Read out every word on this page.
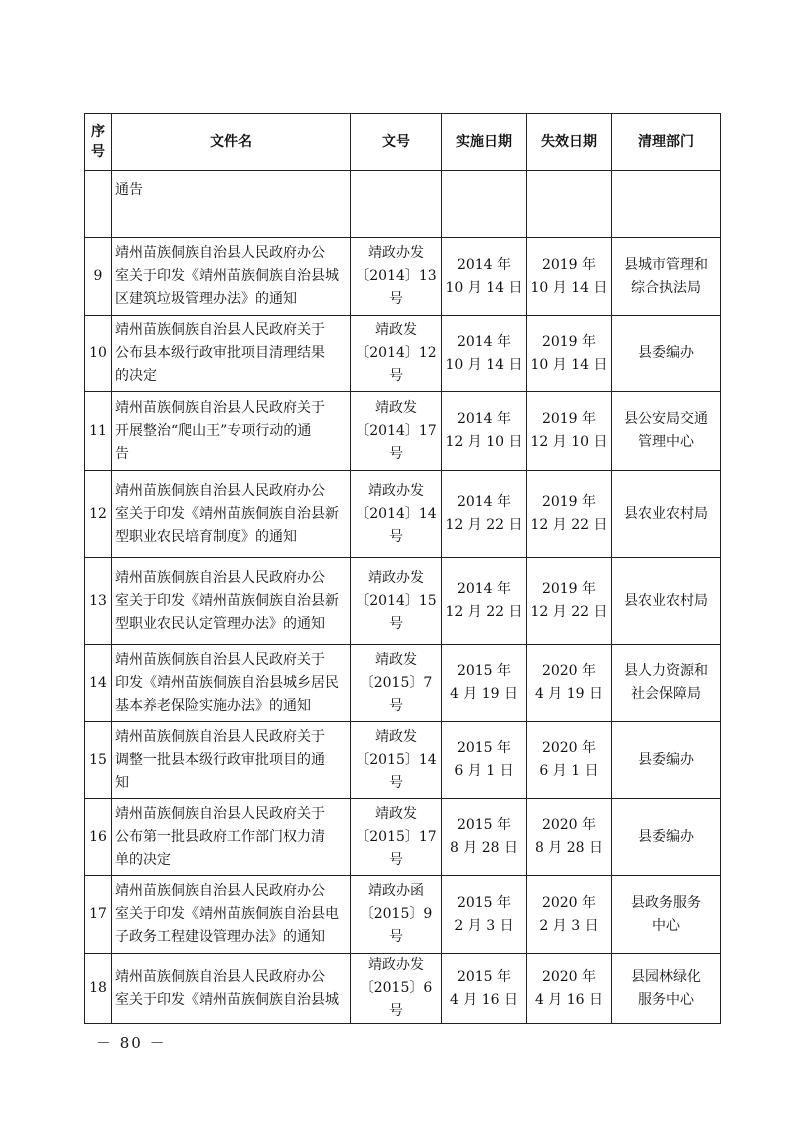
序
号	文件名	文号	实施日期	失效日期	清理部门
	通告				

9	靖州苗族侗族自治县人民政府办公
室关于印发《靖州苗族侗族自治县城
区建筑垃圾管理办法》的通知	靖政办发
〔2014〕13 号	2014 年
10 月 14 日	2019 年
10 月 14 日	县城市管理和
综合执法局

10	靖州苗族侗族自治县人民政府关于
公布县本级行政审批项目清理结果
的决定	靖政发
〔2014〕12 号	2014 年
10 月 14 日	2019 年
10 月 14 日	县委编办

11	靖州苗族侗族自治县人民政府关于
开展整治“爬山王”专项行动的通
告	靖政发
〔2014〕17 号	2014 年
12 月 10 日	2019 年
12 月 10 日	县公安局交通
管理中心

12	靖州苗族侗族自治县人民政府办公
室关于印发《靖州苗族侗族自治县新
型职业农民培育制度》的通知	靖政办发
〔2014〕14 号	2014 年
12 月 22 日	2019 年
12 月 22 日	县农业农村局

13	靖州苗族侗族自治县人民政府办公
室关于印发《靖州苗族侗族自治县新
型职业农民认定管理办法》的通知	靖政办发
〔2014〕15 号	2014 年
12 月 22 日	2019 年
12 月 22 日	县农业农村局

14	靖州苗族侗族自治县人民政府关于
印发《靖州苗族侗族自治县城乡居民
基本养老保险实施办法》的通知	靖政发
〔2015〕7 号	2015 年
4 月 19 日	2020 年
4 月 19 日	县人力资源和
社会保障局

15	靖州苗族侗族自治县人民政府关于
调整一批县本级行政审批项目的通
知	靖政发
〔2015〕14 号	2015 年
6 月 1 日	2020 年
6 月 1 日	县委编办

16	靖州苗族侗族自治县人民政府关于
公布第一批县政府工作部门权力清
单的决定	靖政发
〔2015〕17 号	2015 年
8 月 28 日	2020 年
8 月 28 日	县委编办

17	靖州苗族侗族自治县人民政府办公
室关于印发《靖州苗族侗族自治县电
子政务工程建设管理办法》的通知	靖政办函
〔2015〕9 号	2015 年
2 月 3 日	2020 年
2 月 3 日	县政务服务
中心

18	靖州苗族侗族自治县人民政府办公
室关于印发《靖州苗族侗族自治县城	靖政办发
〔2015〕6 号	2015 年
4 月 16 日	2020 年
4 月 16 日	县园林绿化
服务中心
－ 80 －
